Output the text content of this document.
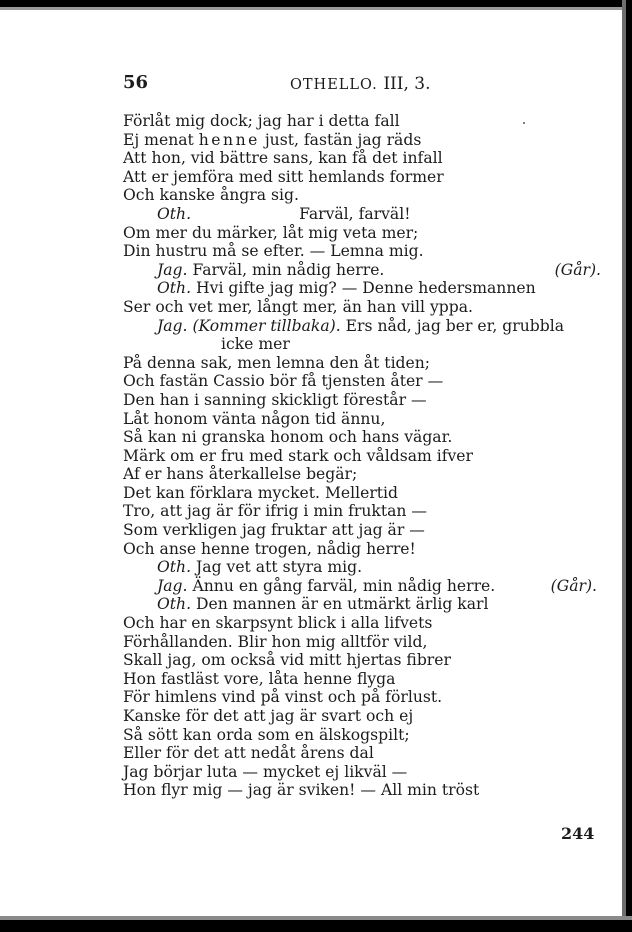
56	OTHELLO. III, 3.
Förlåt mig dock; jag har i detta fall
Ej menat henne just, fastän jag räds
Att hon, vid bättre sans, kan få det infall
Att er jemföra med sitt hemlands former
Och kanske ångra sig.
Oth.	Farväl, farväl!
Om mer du märker, låt mig veta mer;
Din hustru må se efter. — Lemna mig.
Jag. Farväl, min nådig herre.	(Går).
Oth. Hvi gifte jag mig? — Denne hedersmannen
Ser och vet mer, långt mer, än han vill yppa.
Jag. (Kommer tillbaka). Ers nåd, jag ber er, grubbla
icke mer
På denna sak, men lemna den åt tiden;
Och fastän Cassio bör få tjensten åter —
Den han i sanning skickligt förestår —
Låt honom vänta någon tid ännu,
Så kan ni granska honom och hans vägar.
Märk om er fru med stark och våldsam ifver
Af er hans återkallelse begär;
Det kan förklara mycket. Mellertid
Tro, att jag är för ifrig i min fruktan —
Som verkligen jag fruktar att jag är —
Och anse henne trogen, nådig herre!
Oth. Jag vet att styra mig.
Jag. Ännu en gång farväl, min nådig herre.	(Går).
Oth. Den mannen är en utmärkt ärlig karl
Och har en skarpsynt blick i alla lifvets
Förhållanden. Blir hon mig alltför vild,
Skall jag, om också vid mitt hjertas fibrer
Hon fastläst vore, låta henne flyga
För himlens vind på vinst och på förlust.
Kanske för det att jag är svart och ej
Så sött kan orda som en älskogspilt;
Eller för det att nedåt årens dal
Jag börjar luta — mycket ej likväl —
Hon flyr mig — jag är sviken! — All min tröst
244
